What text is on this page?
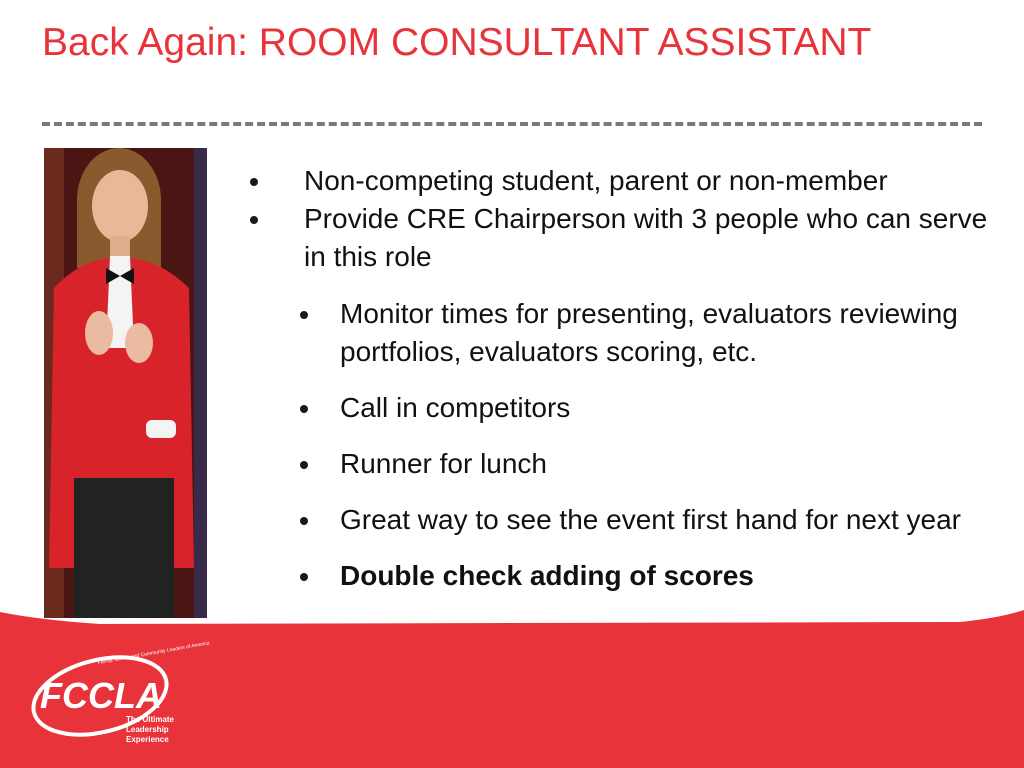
Back Again: ROOM CONSULTANT ASSISTANT
Non-competing student, parent or non-member
Provide CRE Chairperson with 3 people who can serve in this role
Monitor times for presenting, evaluators reviewing portfolios, evaluators scoring, etc.
Call in competitors
Runner for lunch
Great way to see the event first hand for next year
Double check adding of scores
FCCLA
Family, Career and Community Leaders of America
The Ultimate
Leadership
Experience
